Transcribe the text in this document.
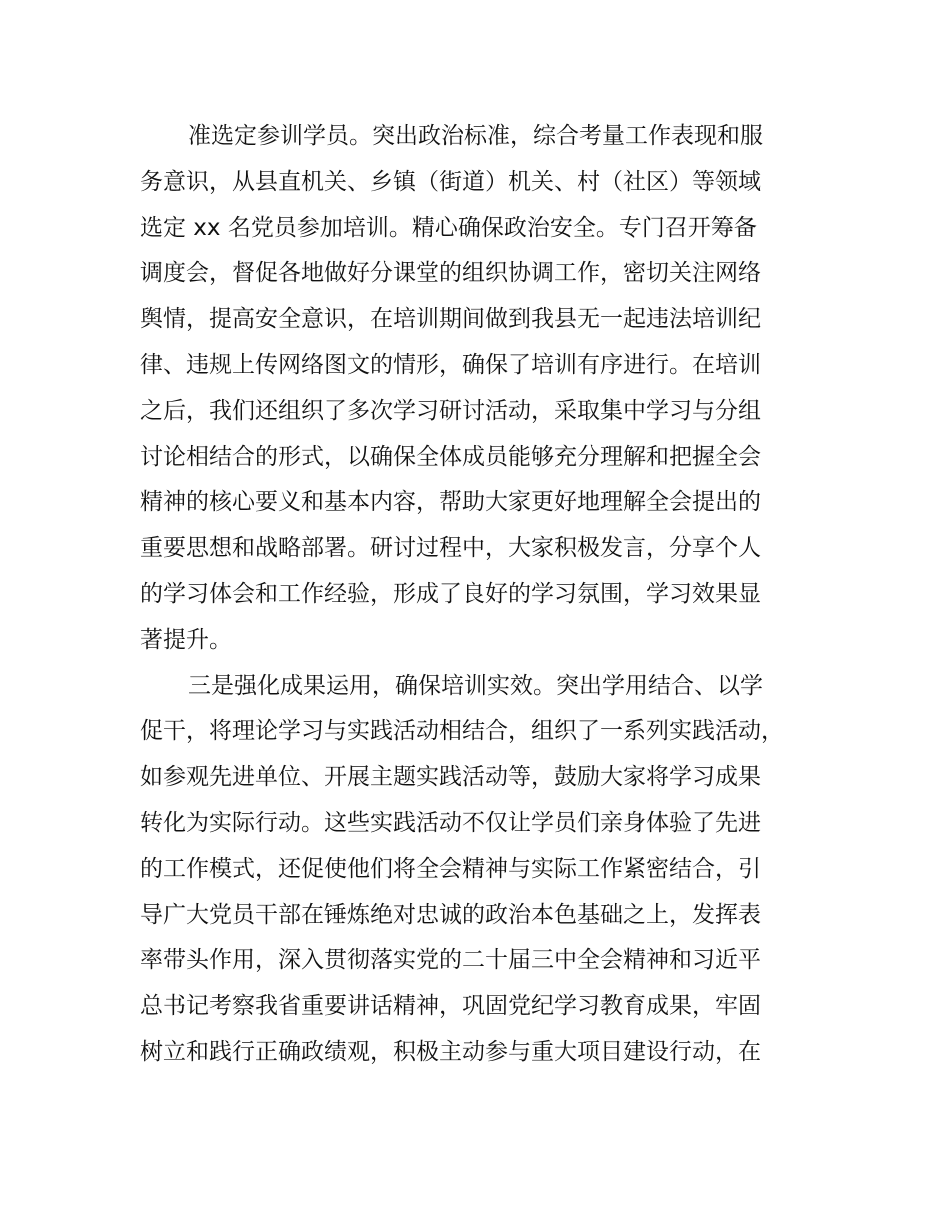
准选定参训学员。突出政治标准，综合考量工作表现和服
务意识，从县直机关、乡镇（街道）机关、村（社区）等领域
选定 xx 名党员参加培训。精心确保政治安全。专门召开筹备
调度会，督促各地做好分课堂的组织协调工作，密切关注网络
舆情，提高安全意识，在培训期间做到我县无一起违法培训纪
律、违规上传网络图文的情形，确保了培训有序进行。在培训
之后，我们还组织了多次学习研讨活动，采取集中学习与分组
讨论相结合的形式，以确保全体成员能够充分理解和把握全会
精神的核心要义和基本内容，帮助大家更好地理解全会提出的
重要思想和战略部署。研讨过程中，大家积极发言，分享个人
的学习体会和工作经验，形成了良好的学习氛围，学习效果显
著提升。
三是强化成果运用，确保培训实效。突出学用结合、以学
促干，将理论学习与实践活动相结合，组织了一系列实践活动，
如参观先进单位、开展主题实践活动等，鼓励大家将学习成果
转化为实际行动。这些实践活动不仅让学员们亲身体验了先进
的工作模式，还促使他们将全会精神与实际工作紧密结合，引
导广大党员干部在锤炼绝对忠诚的政治本色基础之上，发挥表
率带头作用，深入贯彻落实党的二十届三中全会精神和习近平
总书记考察我省重要讲话精神，巩固党纪学习教育成果，牢固
树立和践行正确政绩观，积极主动参与重大项目建设行动，在
